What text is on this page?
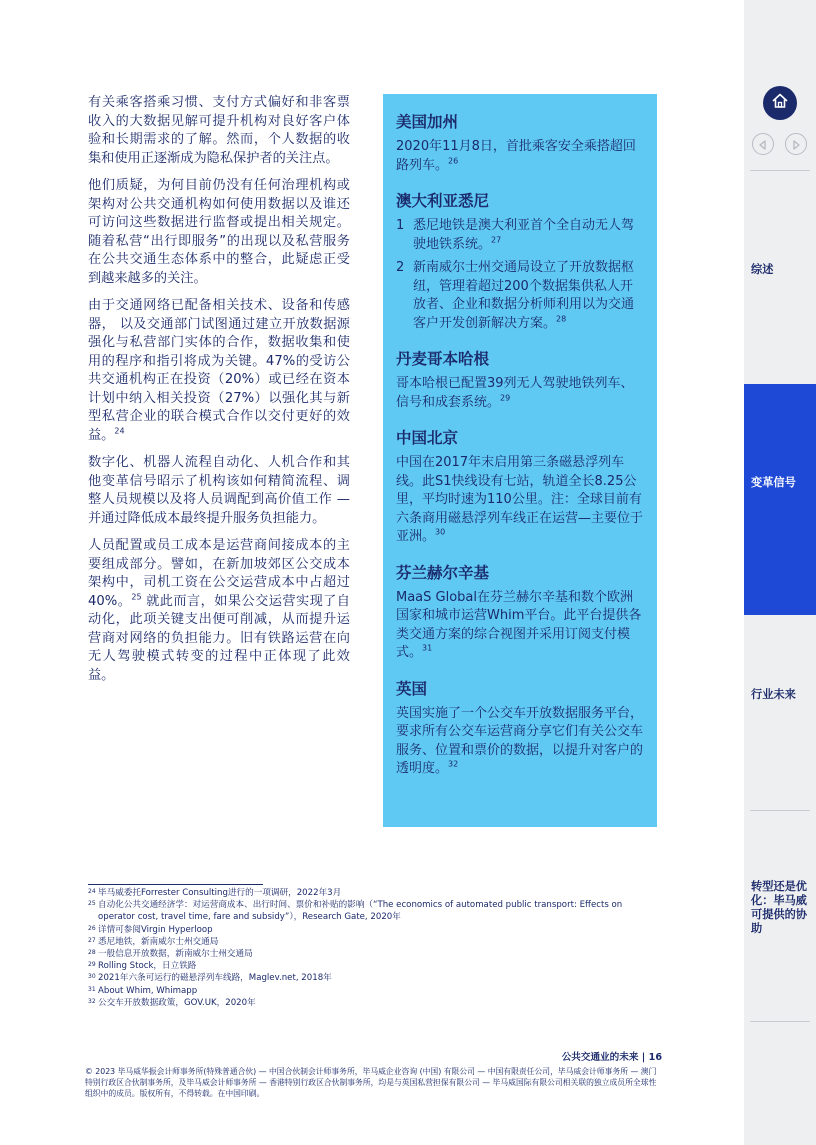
有关乘客搭乘习惯、支付方式偏好和非客票收入的大数据见解可提升机构对良好客户体验和长期需求的了解。然而，个人数据的收集和使用正逐渐成为隐私保护者的关注点。

他们质疑，为何目前仍没有任何治理机构或架构对公共交通机构如何使用数据以及谁还可访问这些数据进行监督或提出相关规定。随着私营“出行即服务”的出现以及私营服务在公共交通生态体系中的整合，此疑虑正受到越来越多的关注。

由于交通网络已配备相关技术、设备和传感器， 以及交通部门试图通过建立开放数据源强化与私营部门实体的合作，数据收集和使用的程序和指引将成为关键。47%的受访公共交通机构正在投资（20%）或已经在资本计划中纳入相关投资（27%）以强化其与新型私营企业的联合模式合作以交付更好的效益。$^{24}$

数字化、机器人流程自动化、人机合作和其他变革信号昭示了机构该如何精简流程、调整人员规模以及将人员调配到高价值工作 —并通过降低成本最终提升服务负担能力。

人员配置或员工成本是运营商间接成本的主要组成部分。譬如，在新加坡郊区公交成本架构中，司机工资在公交运营成本中占超过40%。$^{25}$ 就此而言，如果公交运营实现了自动化，此项关键支出便可削减，从而提升运营商对网络的负担能力。旧有铁路运营在向无人驾驶模式转变的过程中正体现了此效益。

美国加州

2020年11月8日，首批乘客安全乘搭超回路列车。$^{26}$

澳大利亚悉尼
1 悉尼地铁是澳大利亚首个全自动无人驾驶地铁系统。$^{27}$
2 新南威尔士州交通局设立了开放数据枢纽，管理着超过200个数据集供私人开放者、企业和数据分析师利用以为交通客户开发创新解决方案。$^{28}$
丹麦哥本哈根

哥本哈根已配置39列无人驾驶地铁列车、信号和成套系统。$^{29}$

中国北京

中国在2017年末启用第三条磁悬浮列车线。此S1快线设有七站，轨道全长8.25公里，平均时速为110公里。注：全球目前有六条商用磁悬浮列车线正在运营—主要位于亚洲。$^{30}$

芬兰赫尔辛基

MaaS Global在芬兰赫尔辛基和数个欧洲国家和城市运营Whim平台。此平台提供各类交通方案的综合视图并采用订阅支付模式。$^{31}$

英国

英国实施了一个公交车开放数据服务平台，要求所有公交车运营商分享它们有关公交车服务、位置和票价的数据，以提升对客户的透明度。$^{32}$

24 毕马威委托Forrester Consulting进行的一项调研，2022年3月
25 自动化公共交通经济学：对运营商成本、出行时间、票价和补贴的影响（“The economics of automated public transport: Effects on operator cost, travel time, fare and subsidy”），Research Gate, 2020年
26 详情可参阅Virgin Hyperloop
27 悉尼地铁，新南威尔士州交通局
28 一般信息开放数据，新南威尔士州交通局
29 Rolling Stock，日立铁路
30 2021年六条可运行的磁悬浮列车线路，Maglev.net, 2018年
31 About Whim, Whimapp
32 公交车开放数据政策，GOV.UK，2020年
公共交通业的未来 | 16
© 2023 毕马威华振会计师事务所(特殊普通合伙) — 中国合伙制会计师事务所，毕马威企业咨询 (中国) 有限公司 — 中国有限责任公司，毕马威会计师事务所 — 澳门特别行政区合伙制事务所，及毕马威会计师事务所 — 香港特别行政区合伙制事务所，均是与英国私营担保有限公司 — 毕马威国际有限公司相关联的独立成员所全球性组织中的成员。版权所有，不得转载。在中国印刷。
综述
变革信号
行业未来
转型还是优化：毕马威可提供的协助
